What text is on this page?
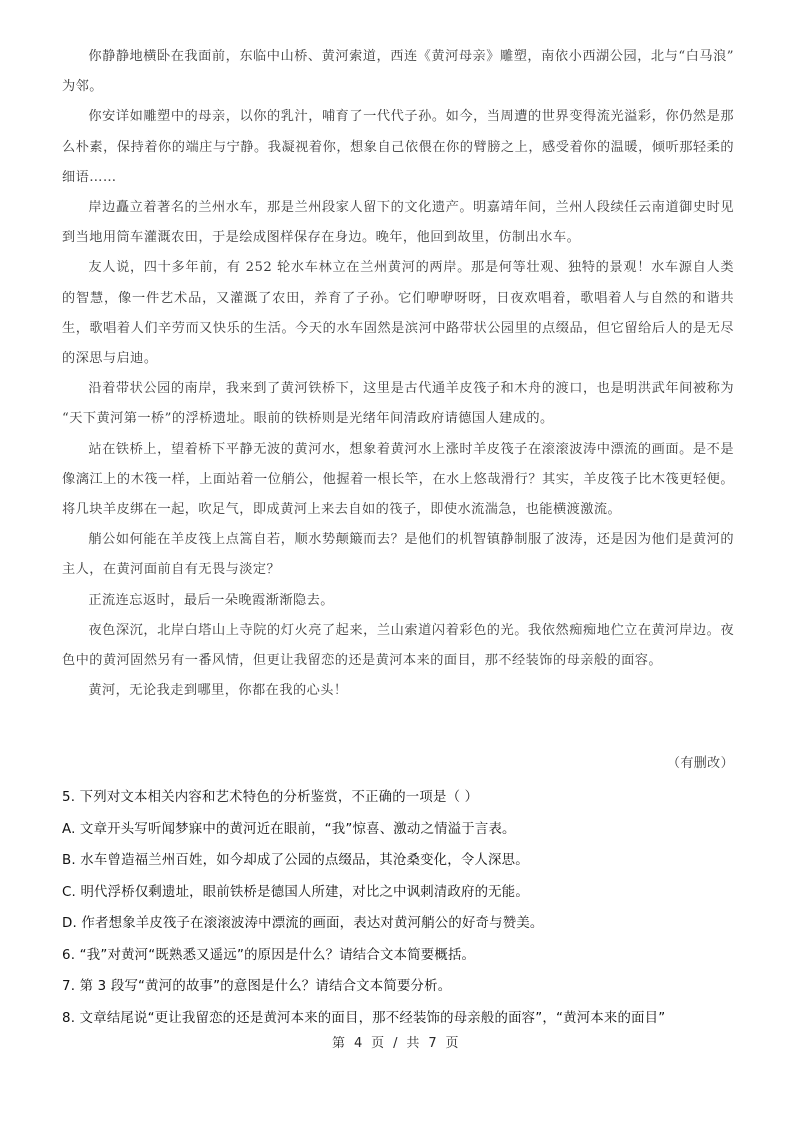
你静静地横卧在我面前，东临中山桥、黄河索道，西连《黄河母亲》雕塑，南依小西湖公园，北与“白马浪”为邻。

你安详如雕塑中的母亲，以你的乳汁，哺育了一代代子孙。如今，当周遭的世界变得流光溢彩，你仍然是那么朴素，保持着你的端庄与宁静。我凝视着你，想象自己依偎在你的臂膀之上，感受着你的温暖，倾听那轻柔的细语……

岸边矗立着著名的兰州水车，那是兰州段家人留下的文化遗产。明嘉靖年间，兰州人段续任云南道御史时见到当地用筒车灌溉农田，于是绘成图样保存在身边。晚年，他回到故里，仿制出水车。

友人说，四十多年前，有 252 轮水车林立在兰州黄河的两岸。那是何等壮观、独特的景观！水车源自人类的智慧，像一件艺术品，又灌溉了农田，养育了子孙。它们咿咿呀呀，日夜欢唱着，歌唱着人与自然的和谐共生，歌唱着人们辛劳而又快乐的生活。今天的水车固然是滨河中路带状公园里的点缀品，但它留给后人的是无尽的深思与启迪。

沿着带状公园的南岸，我来到了黄河铁桥下，这里是古代通羊皮筏子和木舟的渡口，也是明洪武年间被称为“天下黄河第一桥”的浮桥遗址。眼前的铁桥则是光绪年间清政府请德国人建成的。

站在铁桥上，望着桥下平静无波的黄河水，想象着黄河水上涨时羊皮筏子在滚滚波涛中漂流的画面。是不是像漓江上的木筏一样，上面站着一位艄公，他握着一根长竿，在水上悠哉滑行？其实，羊皮筏子比木筏更轻便。将几块羊皮绑在一起，吹足气，即成黄河上来去自如的筏子，即使水流湍急，也能横渡激流。

艄公如何能在羊皮筏上点篙自若，顺水势颠簸而去？是他们的机智镇静制服了波涛，还是因为他们是黄河的主人，在黄河面前自有无畏与淡定？

正流连忘返时，最后一朵晚霞渐渐隐去。

夜色深沉，北岸白塔山上寺院的灯火亮了起来，兰山索道闪着彩色的光。我依然痴痴地伫立在黄河岸边。夜色中的黄河固然另有一番风情，但更让我留恋的还是黄河本来的面目，那不经装饰的母亲般的面容。

黄河，无论我走到哪里，你都在我的心头！

（有删改）
5. 下列对文本相关内容和艺术特色的分析鉴赏，不正确的一项是（ ）
A. 文章开头写听闻梦寐中的黄河近在眼前，“我”惊喜、激动之情溢于言表。
B. 水车曾造福兰州百姓，如今却成了公园的点缀品，其沧桑变化，令人深思。
C. 明代浮桥仅剩遗址，眼前铁桥是德国人所建，对比之中讽刺清政府的无能。
D. 作者想象羊皮筏子在滚滚波涛中漂流的画面，表达对黄河艄公的好奇与赞美。
6. “我”对黄河“既熟悉又遥远”的原因是什么？请结合文本简要概括。
7. 第 3 段写“黄河的故事”的意图是什么？请结合文本简要分析。
8. 文章结尾说“更让我留恋的还是黄河本来的面目，那不经装饰的母亲般的面容”，“黄河本来的面目”
第 4 页 / 共 7 页
